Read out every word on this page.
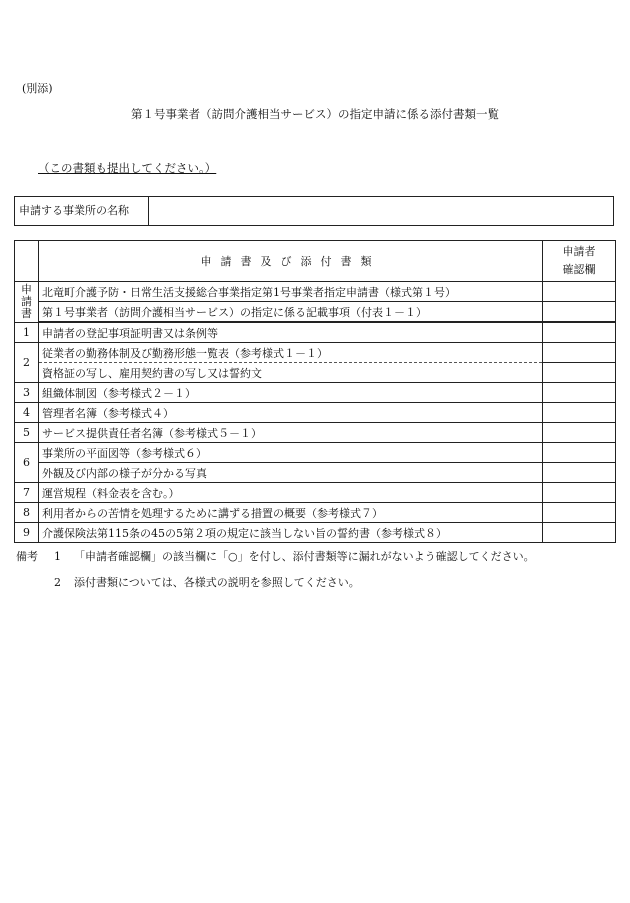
(別添)
第１号事業者（訪問介護相当サービス）の指定申請に係る添付書類一覧
（この書類も提出してください。）
申請する事業所の名称
	申請書及び添付書類	申請者
確認欄

申
請
書	北竜町介護予防・日常生活支援総合事業指定第1号事業者指定申請書（様式第１号）	
	第１号事業者（訪問介護相当サービス）の指定に係る記載事項（付表１－１）	
1	申請者の登記事項証明書又は条例等	
2	従業者の勤務体制及び勤務形態一覧表（参考様式１－１）	
	資格証の写し、雇用契約書の写し又は誓約文	
3	組織体制図（参考様式２－１）	
4	管理者名簿（参考様式４）	
5	サービス提供責任者名簿（参考様式５－１）	
6	事業所の平面図等（参考様式６）	
	外観及び内部の様子が分かる写真	
7	運営規程（料金表を含む。）	
8	利用者からの苦情を処理するために講ずる措置の概要（参考様式７）	
9	介護保険法第115条の45の5第２項の規定に該当しない旨の誓約書（参考様式８）	
備考	1 「申請者確認欄」の該当欄に「○」を付し、添付書類等に漏れがないよう確認してください。
2 添付書類については、各様式の説明を参照してください。
